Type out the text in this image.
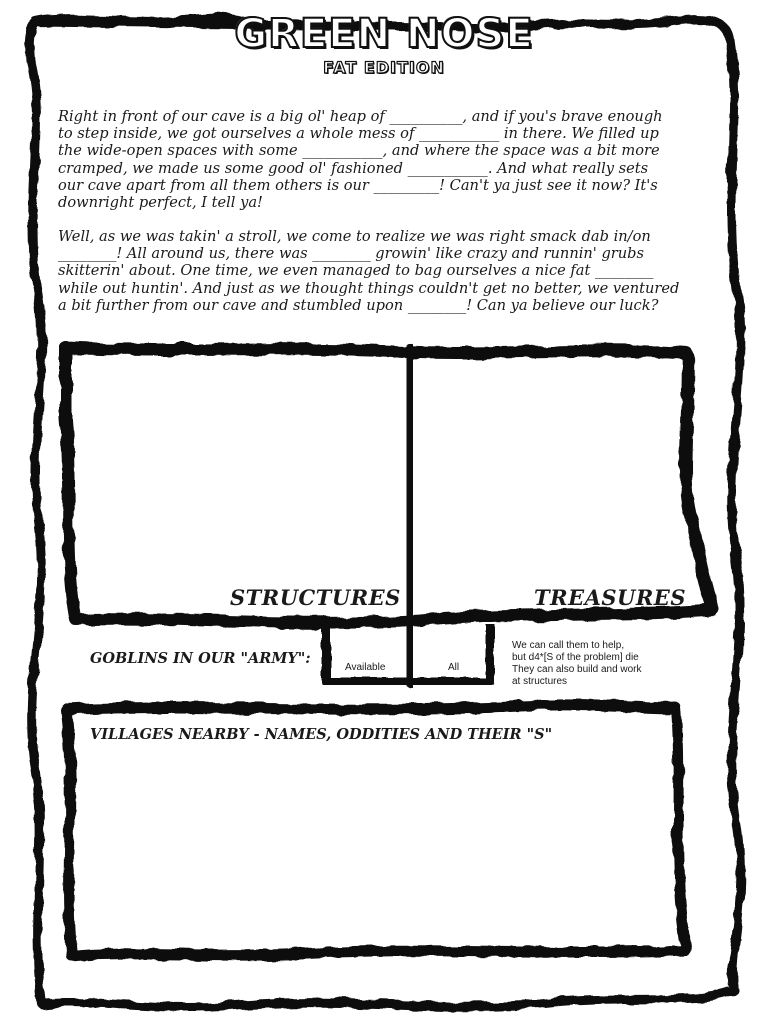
GREEN NOSE
FAT EDITION

Right in front of our cave is a big ol' heap of __________, and if you's brave enough
to step inside, we got ourselves a whole mess of ___________ in there. We filled up
the wide-open spaces with some ___________, and where the space was a bit more
cramped, we made us some good ol' fashioned ___________. And what really sets
our cave apart from all them others is our _________! Can't ya just see it now? It's
downright perfect, I tell ya!

Well, as we was takin' a stroll, we come to realize we was right smack dab in/on
________! All around us, there was ________ growin' like crazy and runnin' grubs
skitterin' about. One time, we even managed to bag ourselves a nice fat ________
while out huntin'. And just as we thought things couldn't get no better, we ventured
a bit further from our cave and stumbled upon ________! Can ya believe our luck?

STRUCTURES	TREASURES
GOBLINS IN OUR "ARMY":
Available	All
We can call them to help,
but d4*[S of the problem] die
They can also build and work
at structures
VILLAGES NEARBY - NAMES, ODDITIES AND THEIR "S"
